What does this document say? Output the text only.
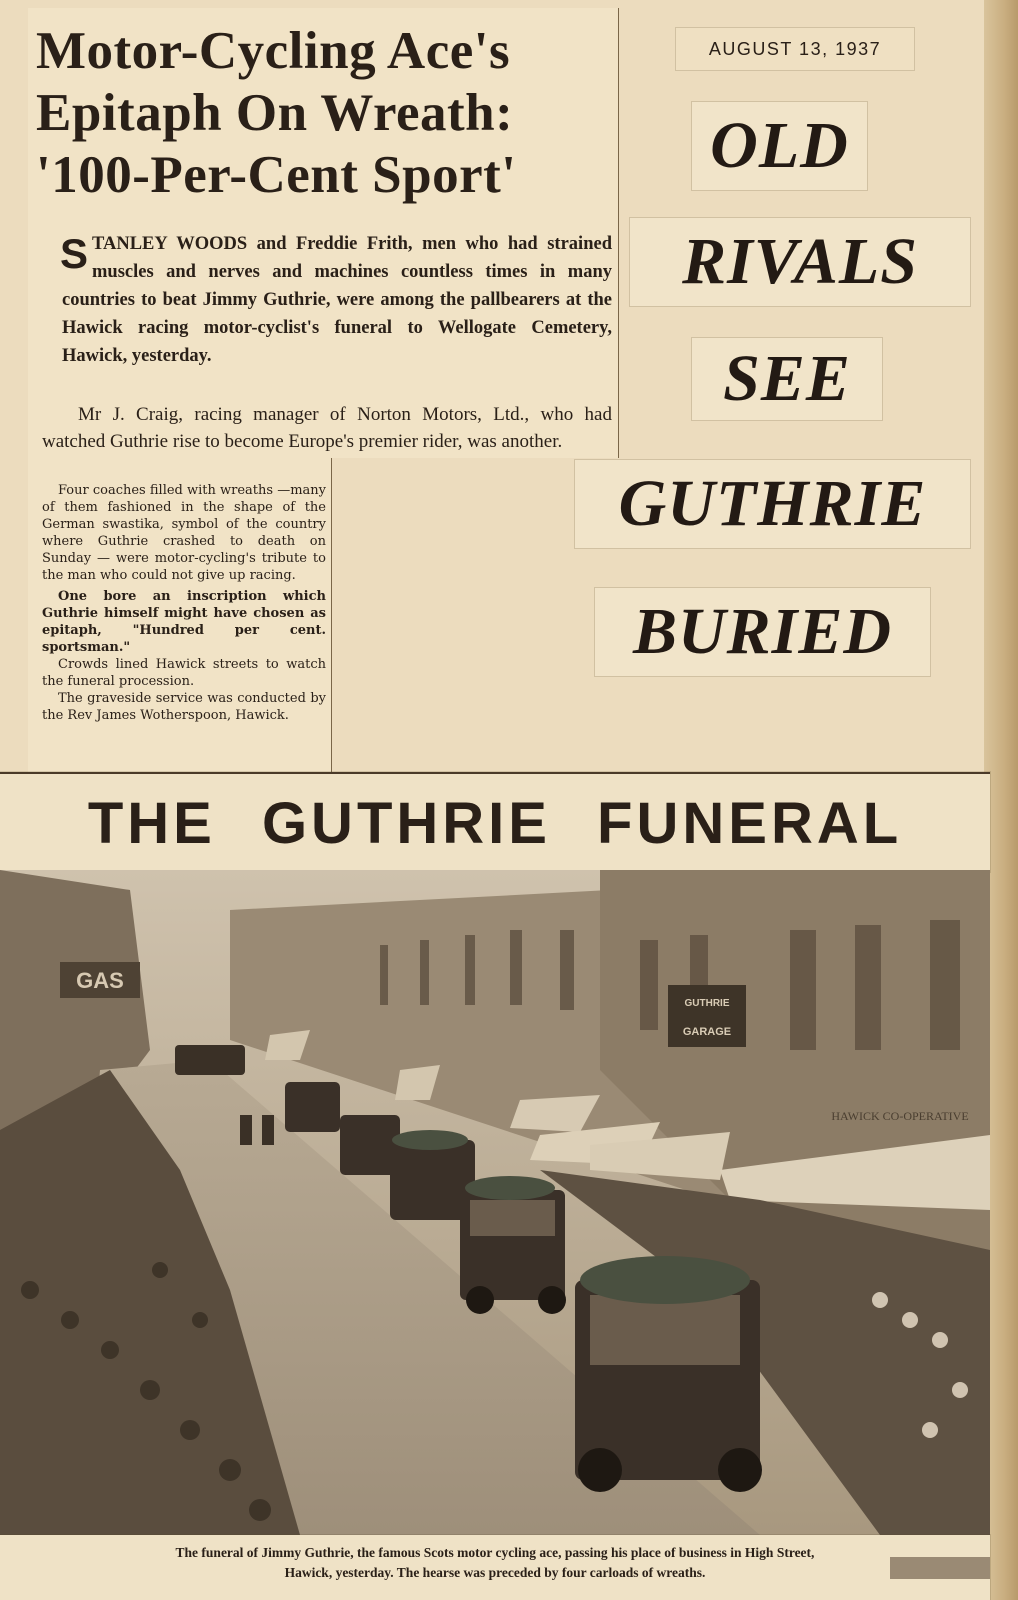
Motor-Cycling Ace's
Epitaph On Wreath:
'100-Per-Cent Sport'
STANLEY WOODS and Freddie Frith, men who had strained muscles and nerves and machines countless times in many countries to beat Jimmy Guthrie, were among the pallbearers at the Hawick racing motor-cyclist's funeral to Wellogate Cemetery, Hawick, yesterday.
Mr J. Craig, racing manager of Norton Motors, Ltd., who had watched Guthrie rise to become Europe's premier rider, was another.

Four coaches filled with wreaths —many of them fashioned in the shape of the German swastika, symbol of the country where Guthrie crashed to death on Sunday — were motor-cycling's tribute to the man who could not give up racing.

One bore an inscription which Guthrie himself might have chosen as epitaph, "Hundred per cent. sportsman."

Crowds lined Hawick streets to watch the funeral procession.

The graveside service was conducted by the Rev James Wotherspoon, Hawick.

AUGUST 13, 1937
OLD
RIVALS
SEE
GUTHRIE
BURIED
THE GUTHRIE FUNERAL
GAS
GUTHRIE
GARAGE
HAWICK CO-OPERATIVE
The funeral of Jimmy Guthrie, the famous Scots motor cycling ace, passing his place of business in High Street,
Hawick, yesterday. The hearse was preceded by four carloads of wreaths.
